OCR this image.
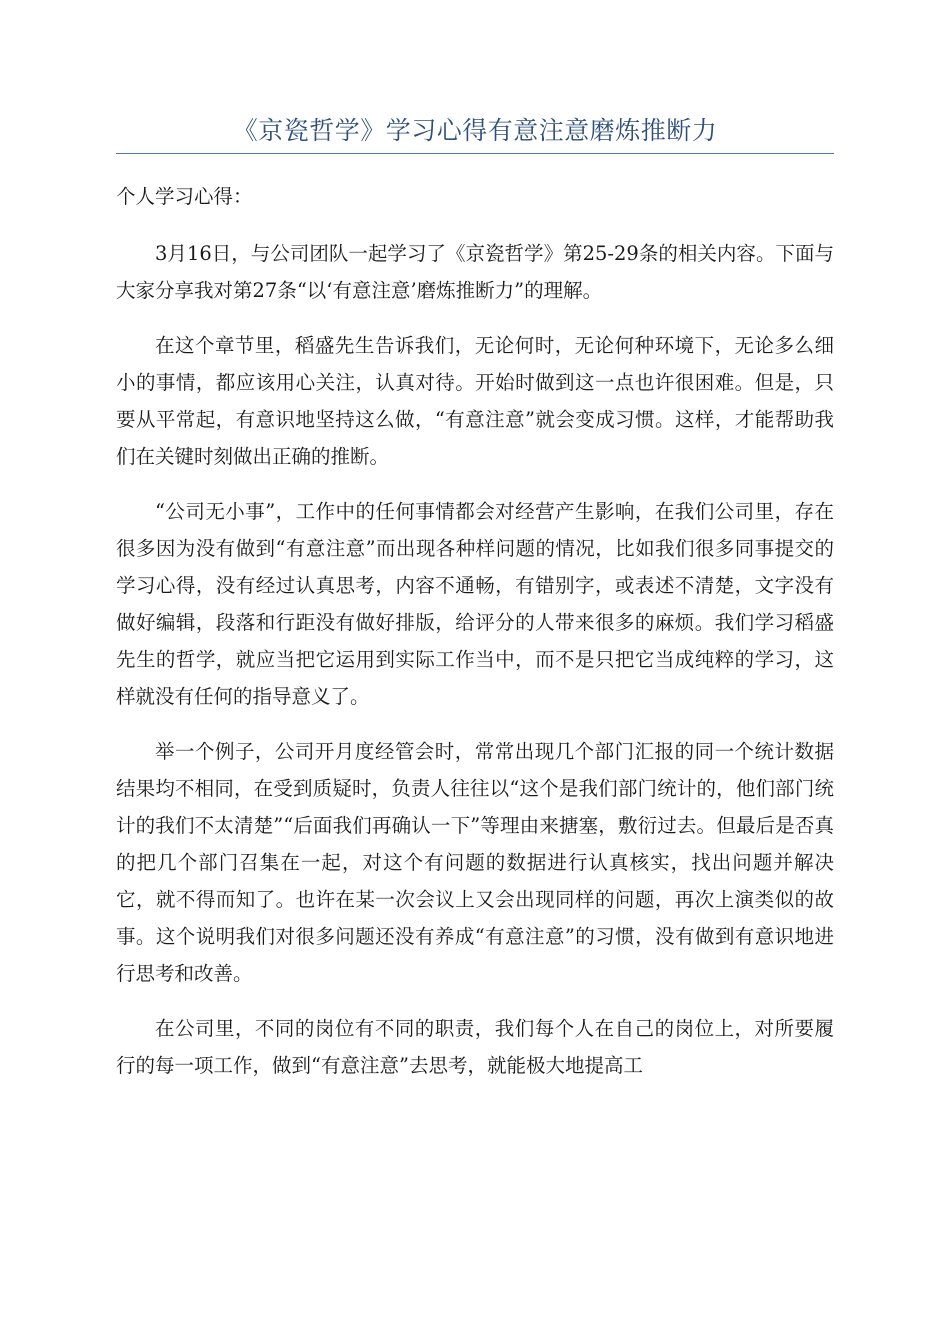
《京瓷哲学》学习心得有意注意磨炼推断力

个人学习心得：

3月16日，与公司团队一起学习了《京瓷哲学》第25-29条的相关内容。下面与大家分享我对第27条“以‘有意注意’磨炼推断力”的理解。

在这个章节里，稻盛先生告诉我们，无论何时，无论何种环境下，无论多么细小的事情，都应该用心关注，认真对待。开始时做到这一点也许很困难。但是，只要从平常起，有意识地坚持这么做，“有意注意”就会变成习惯。这样，才能帮助我们在关键时刻做出正确的推断。

“公司无小事”，工作中的任何事情都会对经营产生影响，在我们公司里，存在很多因为没有做到“有意注意”而出现各种样问题的情况，比如我们很多同事提交的学习心得，没有经过认真思考，内容不通畅，有错别字，或表述不清楚，文字没有做好编辑，段落和行距没有做好排版，给评分的人带来很多的麻烦。我们学习稻盛先生的哲学，就应当把它运用到实际工作当中，而不是只把它当成纯粹的学习，这样就没有任何的指导意义了。

举一个例子，公司开月度经管会时，常常出现几个部门汇报的同一个统计数据结果均不相同，在受到质疑时，负责人往往以“这个是我们部门统计的，他们部门统计的我们不太清楚”“后面我们再确认一下”等理由来搪塞，敷衍过去。但最后是否真的把几个部门召集在一起，对这个有问题的数据进行认真核实，找出问题并解决它，就不得而知了。也许在某一次会议上又会出现同样的问题，再次上演类似的故事。这个说明我们对很多问题还没有养成“有意注意”的习惯，没有做到有意识地进行思考和改善。

在公司里，不同的岗位有不同的职责，我们每个人在自己的岗位上，对所要履行的每一项工作，做到“有意注意”去思考，就能极大地提高工
